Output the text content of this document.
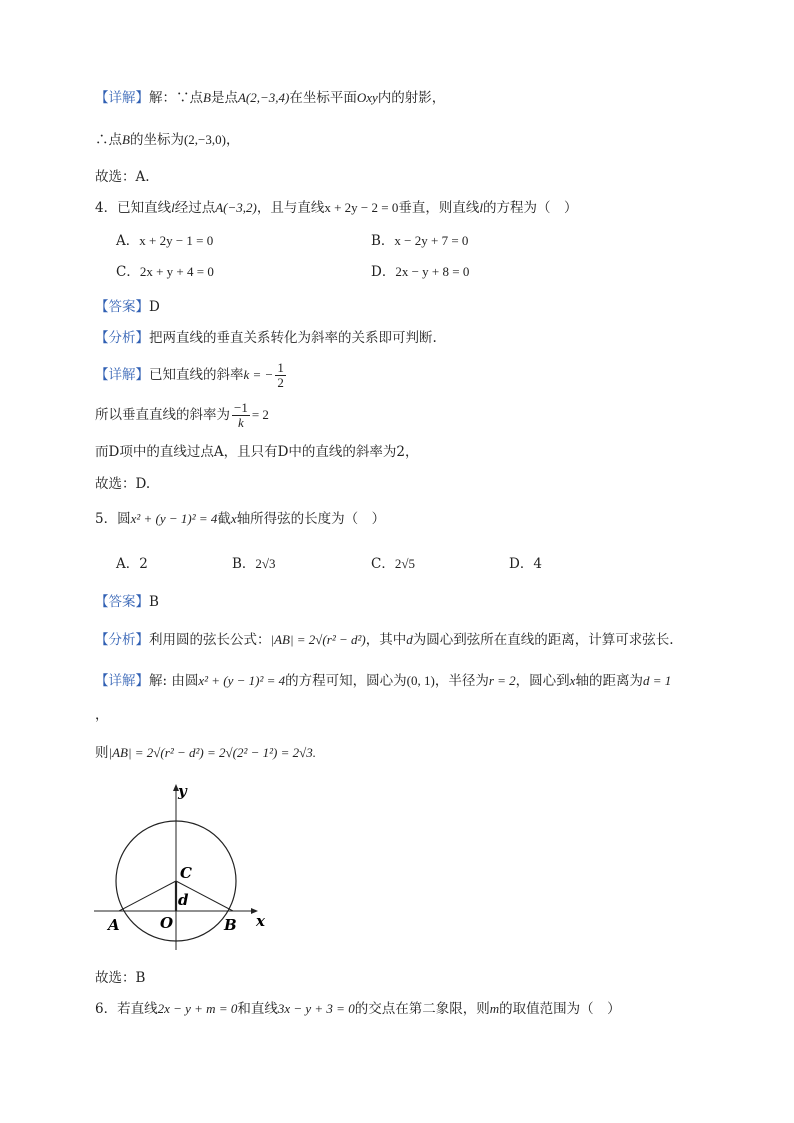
【详解】解：∵点B是点A(2,−3,4)在坐标平面Oxy内的射影，
∴点B的坐标为(2,−3,0)，
故选：A.
4．已知直线l经过点A(−3,2)，且与直线x + 2y − 2 = 0垂直，则直线l的方程为（　）
A．x + 2y − 1 = 0	B．x − 2y + 7 = 0
C．2x + y + 4 = 0	D．2x − y + 8 = 0
【答案】D
【分析】把两直线的垂直关系转化为斜率的关系即可判断.
【详解】已知直线的斜率k = − $\frac{1}{2}$
所以垂直直线的斜率为 $\frac{-1}{k} = 2$
而D项中的直线过点A，且只有D中的直线的斜率为2，
故选：D.
5．圆x² + (y − 1)² = 4截x轴所得弦的长度为（　）
A．2	B．2√3	C．2√5	D．4
【答案】B
【分析】利用圆的弦长公式：|AB| = 2√(r² − d²)，其中d为圆心到弦所在直线的距离，计算可求弦长.
【详解】解: 由圆x² + (y − 1)² = 4的方程可知，圆心为(0, 1)，半径为r = 2，圆心到x轴的距离为d = 1
，
则|AB| = 2√(r² − d²) = 2√(2² − 1²) = 2√3.
y
C
d
A	O	B x
故选：B
6．若直线2x − y + m = 0和直线3x − y + 3 = 0的交点在第二象限，则m的取值范围为（　）
